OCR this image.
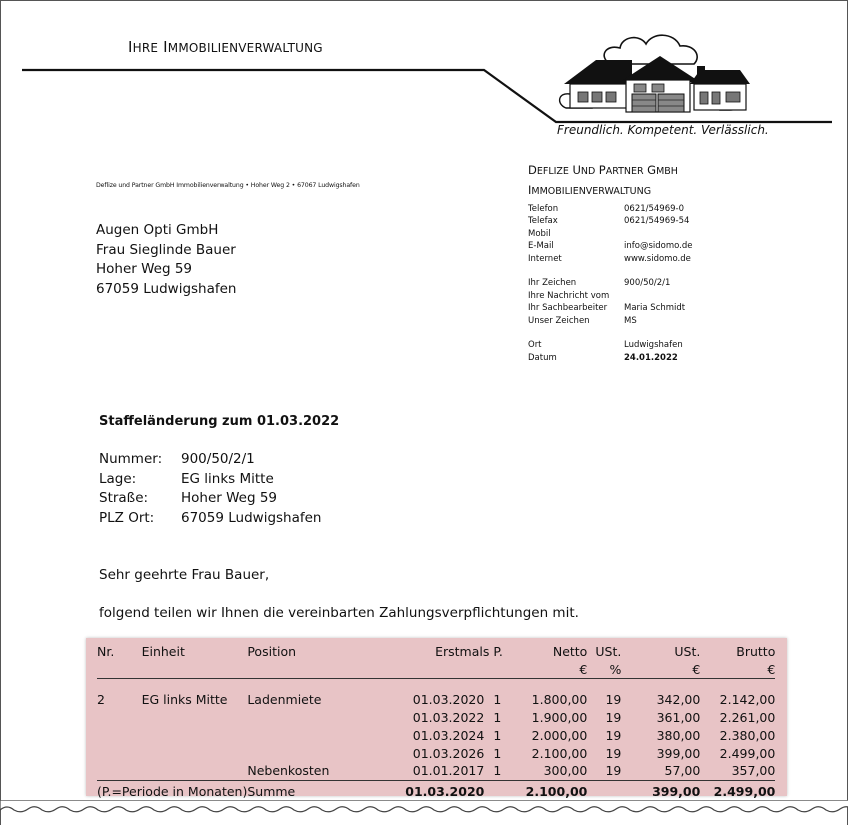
IHRE IMMOBILIENVERWALTUNG
Freundlich. Kompetent. Verlässlich.
Deflize und Partner GmbH Immobilienverwaltung • Hoher Weg 2 • 67067 Ludwigshafen
Augen Opti GmbH
Frau Sieglinde Bauer
Hoher Weg 59
67059 Ludwigshafen
DEFLIZE UND PARTNER GMBH
IMMOBILIENVERWALTUNG
Telefon	0621/54969-0
Telefax	0621/54969-54
Mobil	
E-Mail	info@sidomo.de
Internet	www.sidomo.de

Ihr Zeichen	900/50/2/1
Ihre Nachricht vom	
Ihr Sachbearbeiter	Maria Schmidt
Unser Zeichen	MS

Ort	Ludwigshafen
Datum	24.01.2022
Staffeländerung zum 01.03.2022
Nummer:	900/50/2/1
Lage:	EG links Mitte
Straße:	Hoher Weg 59
PLZ Ort:	67059 Ludwigshafen
Sehr geehrte Frau Bauer,
folgend teilen wir Ihnen die vereinbarten Zahlungsverpflichtungen mit.
Nr.	Einheit	Position	Erstmals	P.	Netto	USt.	USt.	Brutto
					€	%	€	€

2	EG links Mitte	Ladenmiete	01.03.2020	1	1.800,00	19	342,00	2.142,00
			01.03.2022	1	1.900,00	19	361,00	2.261,00
			01.03.2024	1	2.000,00	19	380,00	2.380,00
			01.03.2026	1	2.100,00	19	399,00	2.499,00
		Nebenkosten	01.01.2017	1	300,00	19	57,00	357,00
(P.=Periode in Monaten)		Summe	01.03.2020		2.100,00		399,00	2.499,00
